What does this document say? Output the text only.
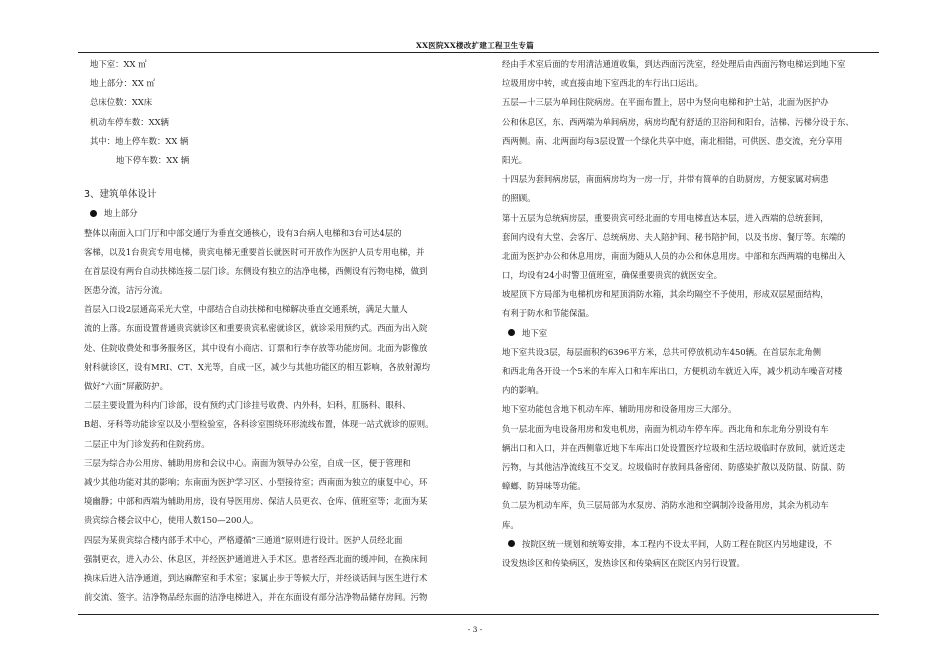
XX医院XX楼改扩建工程卫生专篇
地下室：XX ㎡
地上部分：XX ㎡
总床位数：XX床
机动车停车数：XX辆
其中：地上停车数：XX 辆
地下停车数：XX 辆
3、建筑单体设计
地上部分
整体以南面入口门厅和中部交通厅为垂直交通核心，设有3台病人电梯和3台可达4层的
客梯，以及1台贵宾专用电梯，贵宾电梯无重要首长就医时可开放作为医护人员专用电梯，并
在首层设有两台自动扶梯连接二层门诊。东侧设有独立的洁净电梯，西侧设有污物电梯，做到
医患分流，洁污分流。
首层入口设2层通高采光大堂，中部结合自动扶梯和电梯解决垂直交通系统，满足大量人
流的上落。东面设置普通贵宾就诊区和重要贵宾私密就诊区，就诊采用预约式。西面为出入院
处、住院收费处和事务服务区，其中设有小商店、订票和行李存放等功能房间。北面为影像放
射科就诊区，设有MRI、CT、X光等，自成一区，减少与其他功能区的相互影响，各放射源均
做好“六面”屏蔽防护。
二层主要设置为科内门诊部，设有预约式门诊挂号收费、内外科，妇科，肛肠科、眼科、
B超、牙科等功能诊室以及小型检验室，各科诊室围绕环形流线布置，体现一站式就诊的原则。
二层正中为门诊发药和住院药房。
三层为综合办公用房、辅助用房和会议中心。南面为领导办公室，自成一区，便于管理和
减少其他功能对其的影响；东南面为医护学习区、小型接待室；西南面为独立的康复中心，环
境幽静；中部和西端为辅助用房，设有导医用房、保洁人员更衣、仓库、值班室等；北面为某
贵宾综合楼会议中心，使用人数150—200人。
四层为某贵宾综合楼内部手术中心，严格遵循“三通道”原则进行设计。医护人员经北面
强制更衣，进入办公、休息区，并经医护通道进入手术区。患者经西北面的缓冲间，在换床间
换床后进入洁净通道，到达麻醉室和手术室；家属止步于等候大厅，并经谈话间与医生进行术
前交流、签字。洁净物品经东面的洁净电梯进入，并在东面设有部分洁净物品储存房间。污物
经由手术室后面的专用清洁通道收集，到达西面污洗室，经处理后由西面污物电梯运到地下室
垃圾用房中转，或直接由地下室西北的车行出口运出。
五层—十三层为单间住院病房。在平面布置上，居中为竖向电梯和护士站，北面为医护办
公和休息区，东、西两端为单间病房，病房均配有舒适的卫浴间和阳台，洁梯、污梯分设于东、
西两侧。南、北两面均每3层设置一个绿化共享中庭，南北相错，可供医、患交流，充分享用
阳光。
十四层为套间病房层，南面病房均为一房一厅，并带有简单的自助厨房，方便家属对病患
的照顾。
第十五层为总统病房层，重要贵宾可经北面的专用电梯直达本层，进入西端的总统套间，
套间内设有大堂、会客厅、总统病房、夫人陪护间、秘书陪护间，以及书房、餐厅等。东端的
北面为医护办公和休息用房，南面为随从人员的办公和休息用房。中部和东西两端的电梯出入
口，均设有24小时警卫值班室，确保重要贵宾的就医安全。
坡屋顶下方局部为电梯机房和屋顶消防水箱，其余均隔空不予使用，形成双层屋面结构，
有利于防水和节能保温。
地下室
地下室共设3层，每层面积约6396平方米，总共可停放机动车450辆。在首层东北角侧
和西北角各开设一个5米的车库入口和车库出口，方便机动车就近入库，减少机动车噪音对楼
内的影响。
地下室功能包含地下机动车库、辅助用房和设备用房三大部分。
负一层北面为电设备用房和发电机房，南面为机动车停车库。西北角和东北角分别设有车
辆出口和入口，并在西侧靠近地下车库出口处设置医疗垃圾和生活垃圾临时存放间，就近送走
污物，与其他洁净流线互不交叉。垃圾临时存放间具备密闭、防感染扩散以及防鼠、防鼠、防
蟑螂、防异味等功能。
负二层为机动车库，负三层局部为水泵房、消防水池和空调制冷设备用房，其余为机动车
库。
按院区统一规划和统筹安排，本工程内不设太平间，人防工程在院区内另地建设，不
设发热诊区和传染病区，发热诊区和传染病区在院区内另行设置。
- 3 -
